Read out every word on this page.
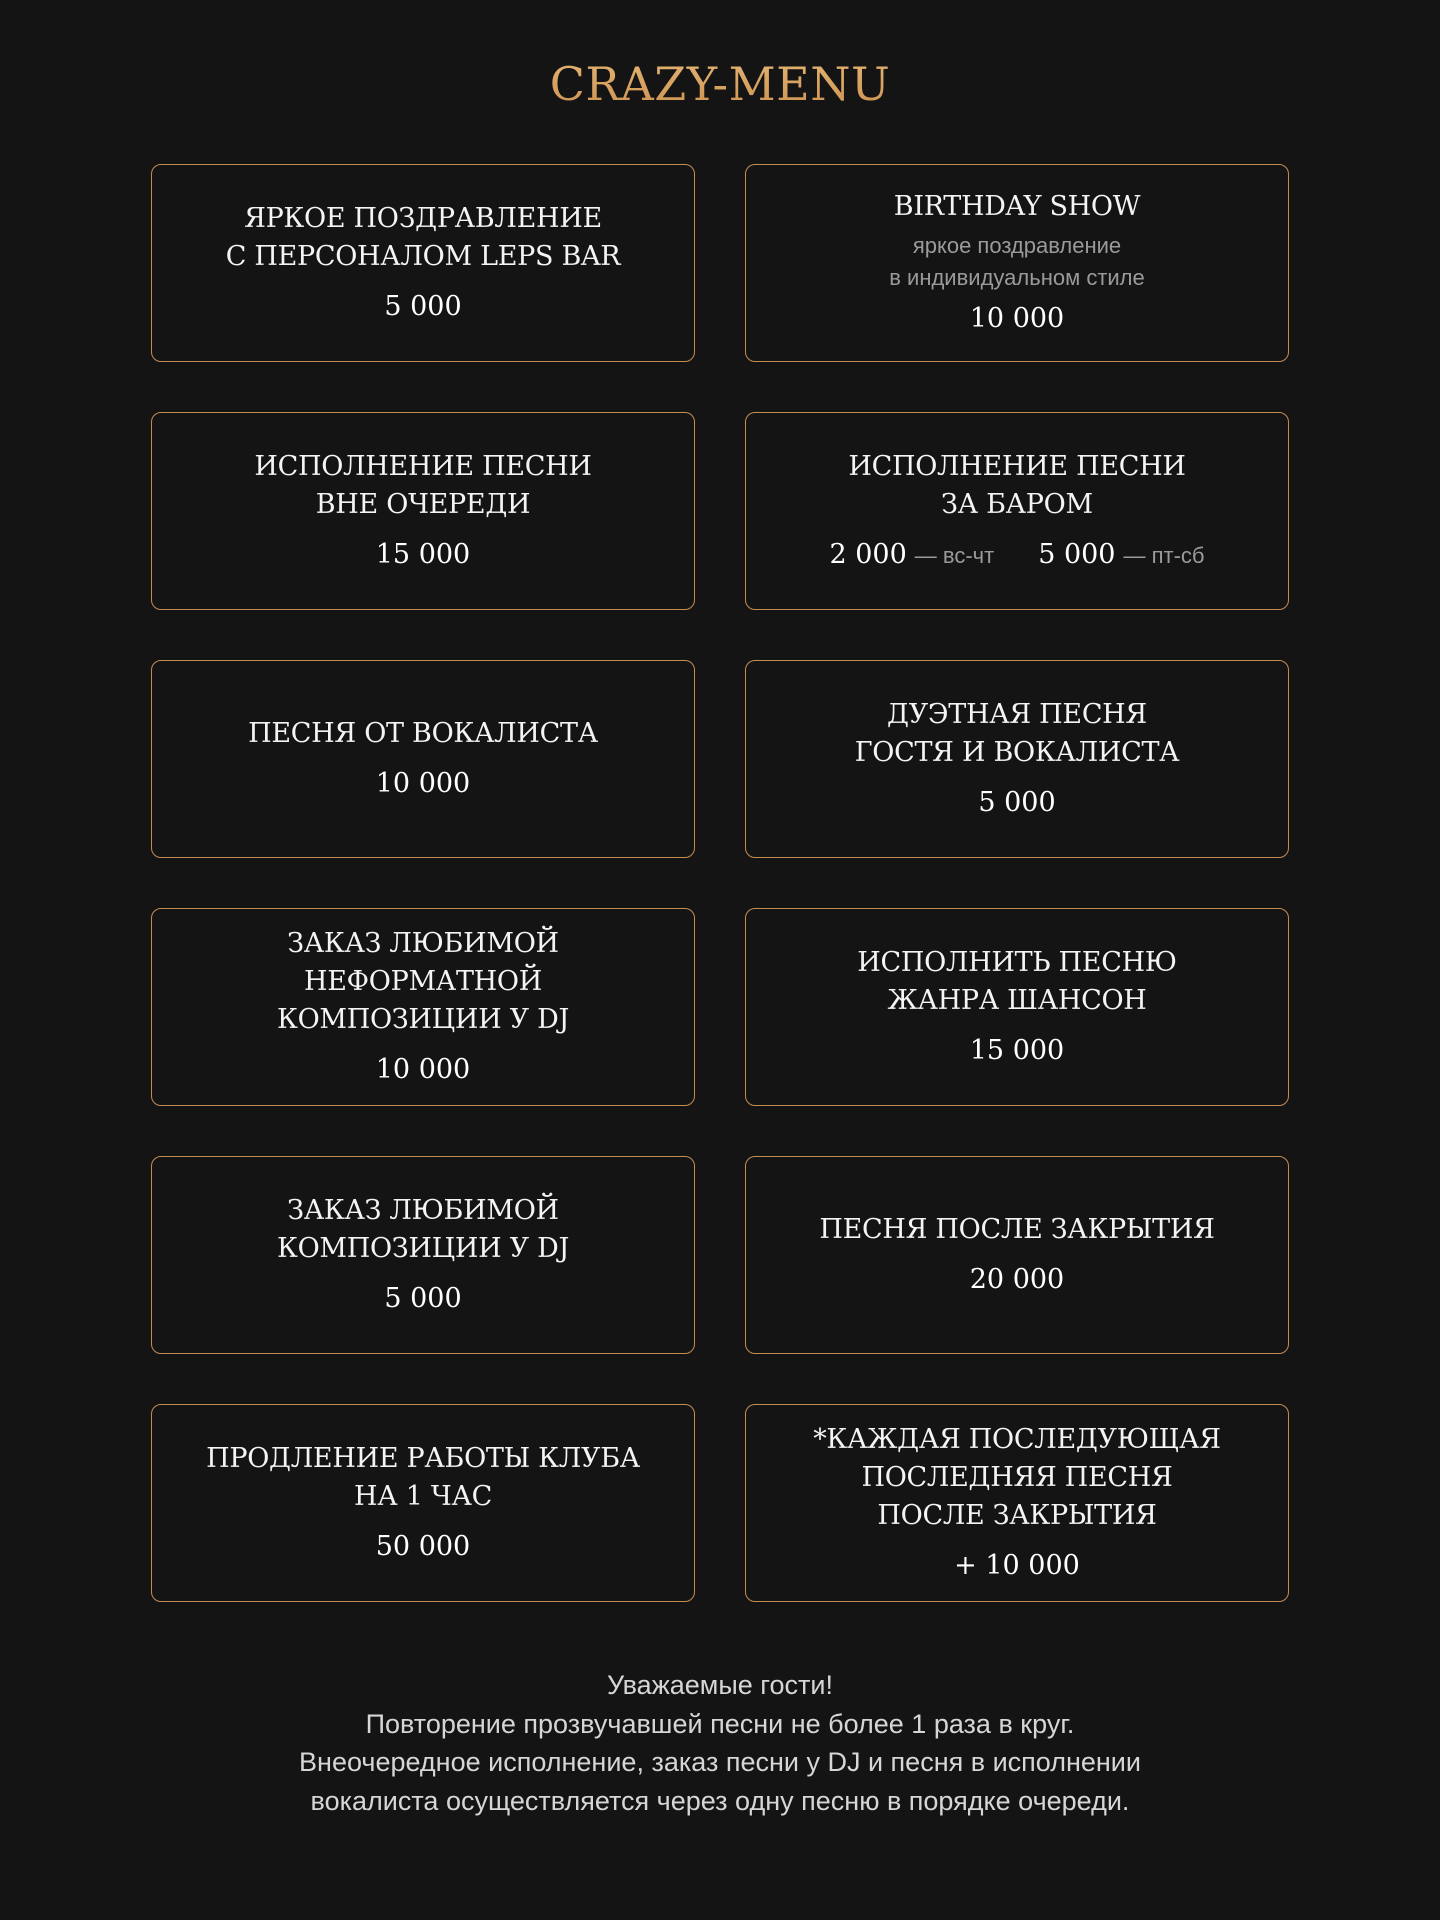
CRAZY-MENU
ЯРКОЕ ПОЗДРАВЛЕНИЕ
С ПЕРСОНАЛОМ LEPS BAR
5 000
BIRTHDAY SHOW
яркое поздравление
в индивидуальном стиле
10 000
ИСПОЛНЕНИЕ ПЕСНИ
ВНЕ ОЧЕРЕДИ
15 000
ИСПОЛНЕНИЕ ПЕСНИ
ЗА БАРОМ
2 000 — вс-чт 5 000 — пт-сб
ПЕСНЯ ОТ ВОКАЛИСТА
10 000
ДУЭТНАЯ ПЕСНЯ
ГОСТЯ И ВОКАЛИСТА
5 000
ЗАКАЗ ЛЮБИМОЙ
НЕФОРМАТНОЙ
КОМПОЗИЦИИ У DJ
10 000
ИСПОЛНИТЬ ПЕСНЮ
ЖАНРА ШАНСОН
15 000
ЗАКАЗ ЛЮБИМОЙ
КОМПОЗИЦИИ У DJ
5 000
ПЕСНЯ ПОСЛЕ ЗАКРЫТИЯ
20 000
ПРОДЛЕНИЕ РАБОТЫ КЛУБА
НА 1 ЧАС
50 000
*КАЖДАЯ ПОСЛЕДУЮЩАЯ
ПОСЛЕДНЯЯ ПЕСНЯ
ПОСЛЕ ЗАКРЫТИЯ
+ 10 000
Уважаемые гости!
Повторение прозвучавшей песни не более 1 раза в круг.
Внеочередное исполнение, заказ песни у DJ и песня в исполнении
вокалиста осуществляется через одну песню в порядке очереди.
